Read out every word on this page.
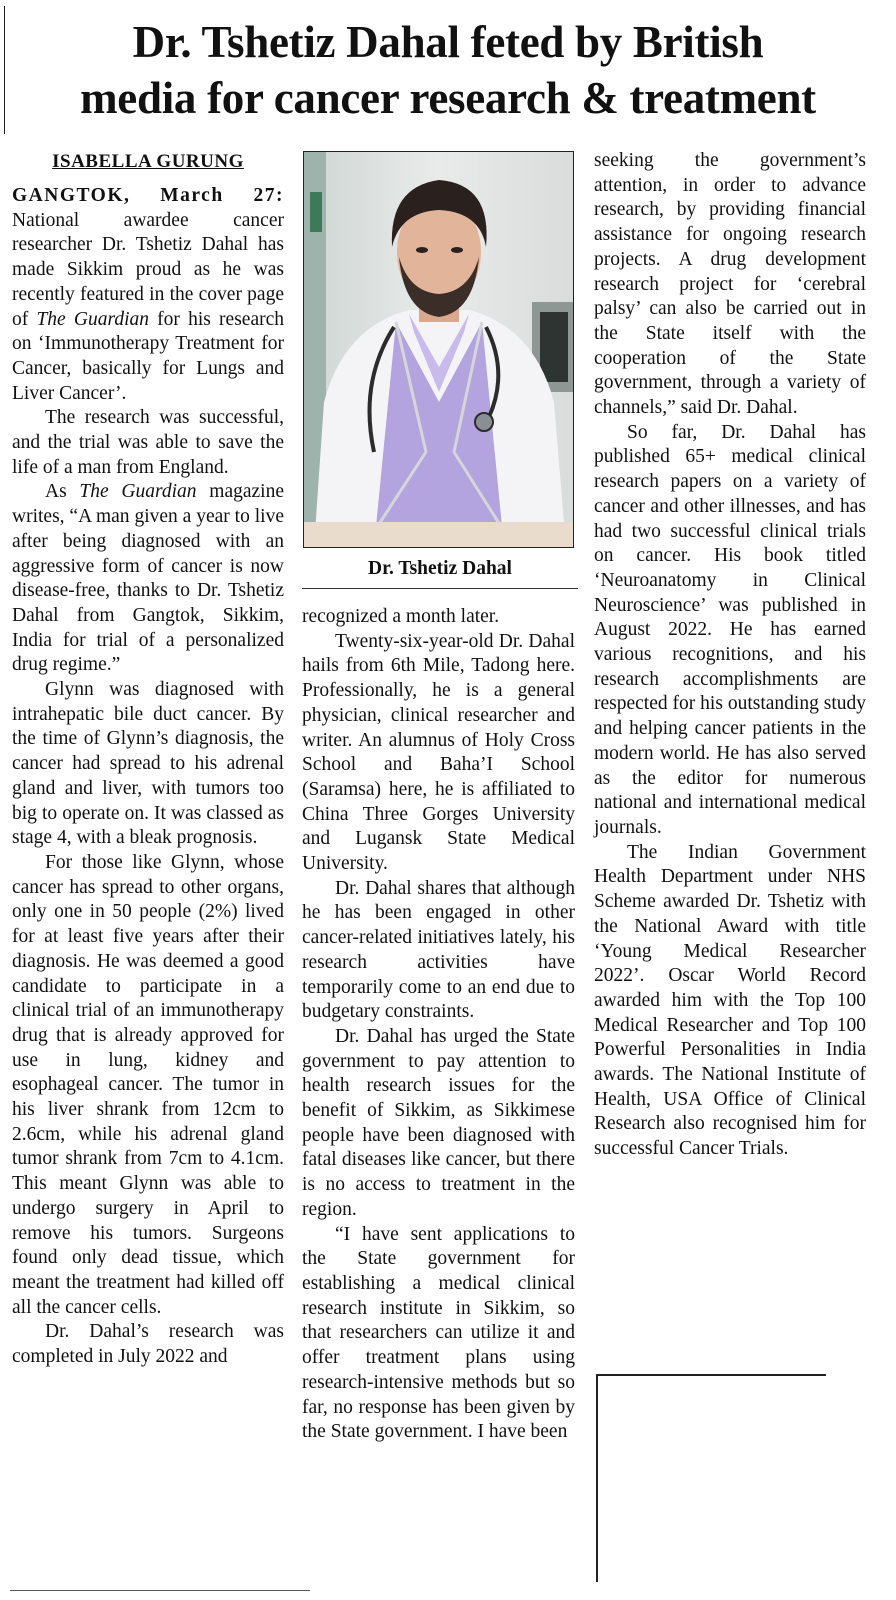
Dr. Tshetiz Dahal feted by British
media for cancer research & treatment
ISABELLA GURUNG

GANGTOK, March 27: National awardee cancer researcher Dr. Tshetiz Dahal has made Sikkim proud as he was recently featured in the cover page of The Guardian for his research on ‘Immunotherapy Treatment for Cancer, basically for Lungs and Liver Cancer’.

The research was successful, and the trial was able to save the life of a man from England.

As The Guardian magazine writes, “A man given a year to live after being diagnosed with an aggressive form of cancer is now disease-free, thanks to Dr. Tshetiz Dahal from Gangtok, Sikkim, India for trial of a personalized drug regime.”

Glynn was diagnosed with intrahepatic bile duct cancer. By the time of Glynn’s diagnosis, the cancer had spread to his adrenal gland and liver, with tumors too big to operate on. It was classed as stage 4, with a bleak prognosis.

For those like Glynn, whose cancer has spread to other organs, only one in 50 people (2%) lived for at least five years after their diagnosis. He was deemed a good candidate to participate in a clinical trial of an immunotherapy drug that is already approved for use in lung, kidney and esophageal cancer. The tumor in his liver shrank from 12cm to 2.6cm, while his adrenal gland tumor shrank from 7cm to 4.1cm. This meant Glynn was able to undergo surgery in April to remove his tumors. Surgeons found only dead tissue, which meant the treatment had killed off all the cancer cells.

Dr. Dahal’s research was completed in July 2022 and

Dr. Tshetiz Dahal

recognized a month later.

Twenty-six-year-old Dr. Dahal hails from 6th Mile, Tadong here. Professionally, he is a general physician, clinical researcher and writer. An alumnus of Holy Cross School and Baha’I School (Saramsa) here, he is affiliated to China Three Gorges University and Lugansk State Medical University.

Dr. Dahal shares that although he has been engaged in other cancer-related initiatives lately, his research activities have temporarily come to an end due to budgetary constraints.

Dr. Dahal has urged the State government to pay attention to health research issues for the benefit of Sikkim, as Sikkimese people have been diagnosed with fatal diseases like cancer, but there is no access to treatment in the region.

“I have sent applications to the State government for establishing a medical clinical research institute in Sikkim, so that researchers can utilize it and offer treatment plans using research-intensive methods but so far, no response has been given by the State government. I have been

seeking the government’s attention, in order to advance research, by providing financial assistance for ongoing research projects. A drug development research project for ‘cerebral palsy’ can also be carried out in the State itself with the cooperation of the State government, through a variety of channels,” said Dr. Dahal.

So far, Dr. Dahal has published 65+ medical clinical research papers on a variety of cancer and other illnesses, and has had two successful clinical trials on cancer. His book titled ‘Neuroanatomy in Clinical Neuroscience’ was published in August 2022. He has earned various recognitions, and his research accomplishments are respected for his outstanding study and helping cancer patients in the modern world. He has also served as the editor for numerous national and international medical journals.

The Indian Government Health Department under NHS Scheme awarded Dr. Tshetiz with the National Award with title ‘Young Medical Researcher 2022’. Oscar World Record awarded him with the Top 100 Medical Researcher and Top 100 Powerful Personalities in India awards. The National Institute of Health, USA Office of Clinical Research also recognised him for successful Cancer Trials.
